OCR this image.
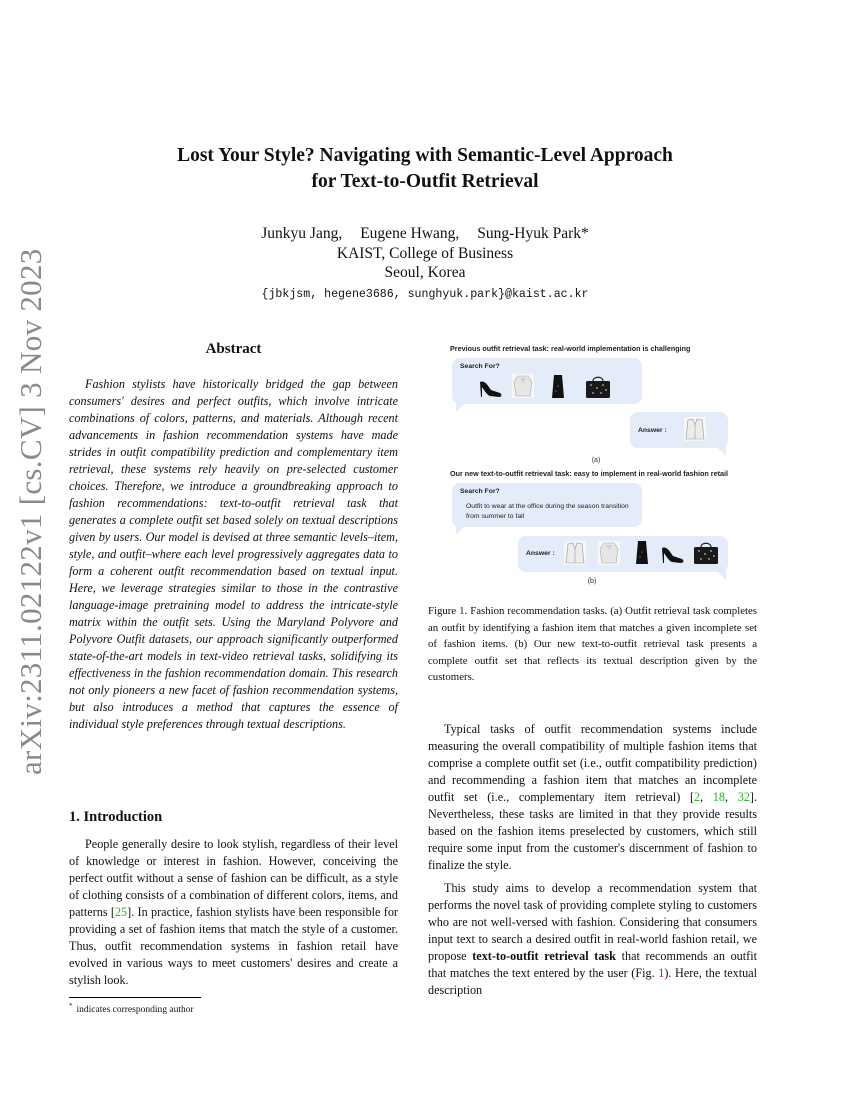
arXiv:2311.02122v1 [cs.CV] 3 Nov 2023
Lost Your Style? Navigating with Semantic-Level Approach
for Text-to-Outfit Retrieval
Junkyu Jang, Eugene Hwang, Sung-Hyuk Park*
KAIST, College of Business
Seoul, Korea
{jbkjsm, hegene3686, sunghyuk.park}@kaist.ac.kr
Abstract
Fashion stylists have historically bridged the gap between consumers' desires and perfect outfits, which involve intricate combinations of colors, patterns, and materials. Although recent advancements in fashion recommendation systems have made strides in outfit compatibility prediction and complementary item retrieval, these systems rely heavily on pre-selected customer choices. Therefore, we introduce a groundbreaking approach to fashion recommendations: text-to-outfit retrieval task that generates a complete outfit set based solely on textual descriptions given by users. Our model is devised at three semantic levels–item, style, and outfit–where each level progressively aggregates data to form a coherent outfit recommendation based on textual input. Here, we leverage strategies similar to those in the contrastive language-image pretraining model to address the intricate-style matrix within the outfit sets. Using the Maryland Polyvore and Polyvore Outfit datasets, our approach significantly outperformed state-of-the-art models in text-video retrieval tasks, solidifying its effectiveness in the fashion recommendation domain. This research not only pioneers a new facet of fashion recommendation systems, but also introduces a method that captures the essence of individual style preferences through textual descriptions.
1. Introduction

People generally desire to look stylish, regardless of their level of knowledge or interest in fashion. However, conceiving the perfect outfit without a sense of fashion can be difficult, as a style of clothing consists of a combination of different colors, items, and patterns [25]. In practice, fashion stylists have been responsible for providing a set of fashion items that match the style of a customer. Thus, outfit recommendation systems in fashion retail have evolved in various ways to meet customers' desires and create a stylish look.

* indicates corresponding author
Previous outfit retrieval task: real-world implementation is challenging
Search For?
Answer :
(a)
Our new text-to-outfit retrieval task: easy to implement in real-world fashion retail
Search For?
Outfit to wear at the office during the season transition from summer to fall
Answer :
(b)
Figure 1. Fashion recommendation tasks. (a) Outfit retrieval task completes an outfit by identifying a fashion item that matches a given incomplete set of fashion items. (b) Our new text-to-outfit retrieval task presents a complete outfit set that reflects its textual description given by the customers.

Typical tasks of outfit recommendation systems include measuring the overall compatibility of multiple fashion items that comprise a complete outfit set (i.e., outfit compatibility prediction) and recommending a fashion item that matches an incomplete outfit set (i.e., complementary item retrieval) [2, 18, 32]. Nevertheless, these tasks are limited in that they provide results based on the fashion items preselected by customers, which still require some input from the customer's discernment of fashion to finalize the style.

This study aims to develop a recommendation system that performs the novel task of providing complete styling to customers who are not well-versed with fashion. Considering that consumers input text to search a desired outfit in real-world fashion retail, we propose text-to-outfit retrieval task that recommends an outfit that matches the text entered by the user (Fig. 1). Here, the textual description
